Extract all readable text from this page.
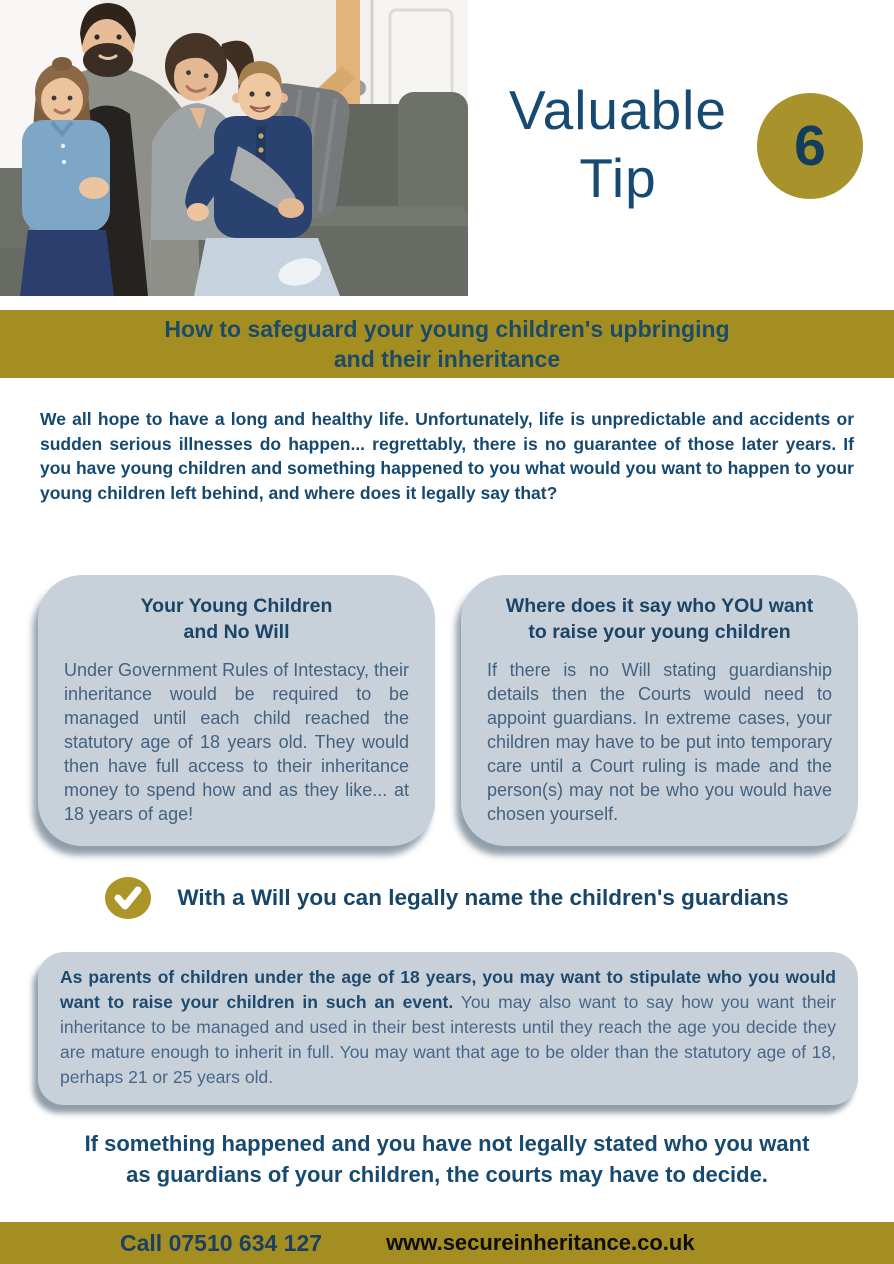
Valuable
Tip	6
How to safeguard your young children's upbringing
and their inheritance

We all hope to have a long and healthy life. Unfortunately, life is unpredictable and accidents or sudden serious illnesses do happen... regrettably, there is no guarantee of those later years. If you have young children and something happened to you what would you want to happen to your young children left behind, and where does it legally say that?

Your Young Children
and No Will

Under Government Rules of Intestacy, their inheritance would be required to be managed until each child reached the statutory age of 18 years old. They would then have full access to their inheritance money to spend how and as they like... at 18 years of age!

Where does it say who YOU want
to raise your young children

If there is no Will stating guardianship details then the Courts would need to appoint guardians. In extreme cases, your children may have to be put into temporary care until a Court ruling is made and the person(s) may not be who you would have chosen yourself.

With a Will you can legally name the children's guardians

As parents of children under the age of 18 years, you may want to stipulate who you would want to raise your children in such an event. You may also want to say how you want their inheritance to be managed and used in their best interests until they reach the age you decide they are mature enough to inherit in full. You may want that age to be older than the statutory age of 18, perhaps 21 or 25 years old.

If something happened and you have not legally stated who you want
as guardians of your children, the courts may have to decide.

Call 07510 634 127	www.secureinheritance.co.uk
